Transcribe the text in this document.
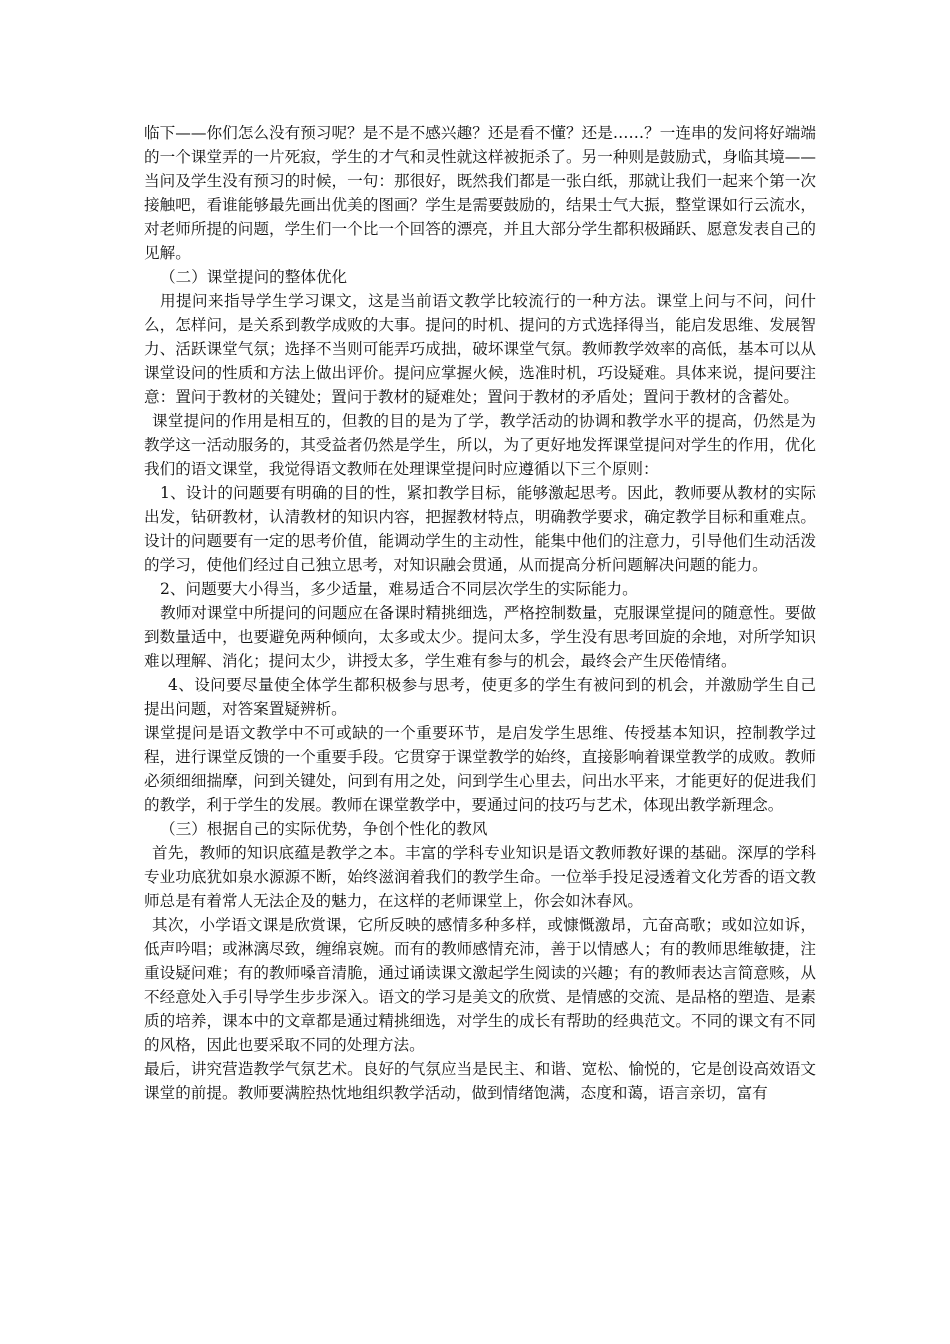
临下——你们怎么没有预习呢？是不是不感兴趣？还是看不懂？还是……？一连串的发问将好端端的一个课堂弄的一片死寂，学生的才气和灵性就这样被扼杀了。另一种则是鼓励式，身临其境——当问及学生没有预习的时候，一句：那很好，既然我们都是一张白纸，那就让我们一起来个第一次接触吧，看谁能够最先画出优美的图画？学生是需要鼓励的，结果士气大振，整堂课如行云流水，对老师所提的问题，学生们一个比一个回答的漂亮，并且大部分学生都积极踊跃、愿意发表自己的见解。

（二）课堂提问的整体优化

用提问来指导学生学习课文，这是当前语文教学比较流行的一种方法。课堂上问与不问，问什么，怎样问，是关系到教学成败的大事。提问的时机、提问的方式选择得当，能启发思维、发展智力、活跃课堂气氛；选择不当则可能弄巧成拙，破坏课堂气氛。教师教学效率的高低，基本可以从课堂设问的性质和方法上做出评价。提问应掌握火候，选准时机，巧设疑难。具体来说，提问要注意：置问于教材的关键处；置问于教材的疑难处；置问于教材的矛盾处；置问于教材的含蓄处。

课堂提问的作用是相互的，但教的目的是为了学，教学活动的协调和教学水平的提高，仍然是为教学这一活动服务的，其受益者仍然是学生，所以，为了更好地发挥课堂提问对学生的作用，优化我们的语文课堂，我觉得语文教师在处理课堂提问时应遵循以下三个原则：

1、设计的问题要有明确的目的性，紧扣教学目标，能够激起思考。因此，教师要从教材的实际出发，钻研教材，认清教材的知识内容，把握教材特点，明确教学要求，确定教学目标和重难点。设计的问题要有一定的思考价值，能调动学生的主动性，能集中他们的注意力，引导他们生动活泼的学习，使他们经过自己独立思考，对知识融会贯通，从而提高分析问题解决问题的能力。

2、问题要大小得当，多少适量，难易适合不同层次学生的实际能力。

教师对课堂中所提问的问题应在备课时精挑细选，严格控制数量，克服课堂提问的随意性。要做到数量适中，也要避免两种倾向，太多或太少。提问太多，学生没有思考回旋的余地，对所学知识难以理解、消化；提问太少，讲授太多，学生难有参与的机会，最终会产生厌倦情绪。

4、设问要尽量使全体学生都积极参与思考，使更多的学生有被问到的机会，并激励学生自己提出问题，对答案置疑辨析。

课堂提问是语文教学中不可或缺的一个重要环节，是启发学生思维、传授基本知识，控制教学过程，进行课堂反馈的一个重要手段。它贯穿于课堂教学的始终，直接影响着课堂教学的成败。教师必须细细揣摩，问到关键处，问到有用之处，问到学生心里去，问出水平来，才能更好的促进我们的教学，利于学生的发展。教师在课堂教学中，要通过问的技巧与艺术，体现出教学新理念。

（三）根据自己的实际优势，争创个性化的教风

首先，教师的知识底蕴是教学之本。丰富的学科专业知识是语文教师教好课的基础。深厚的学科专业功底犹如泉水源源不断，始终滋润着我们的教学生命。一位举手投足浸透着文化芳香的语文教师总是有着常人无法企及的魅力，在这样的老师课堂上，你会如沐春风。

其次，小学语文课是欣赏课，它所反映的感情多种多样，或慷慨激昂，亢奋高歌；或如泣如诉，低声吟唱；或淋漓尽致，缠绵哀婉。而有的教师感情充沛，善于以情感人；有的教师思维敏捷，注重设疑问难；有的教师嗓音清脆，通过诵读课文激起学生阅读的兴趣；有的教师表达言简意赅，从不经意处入手引导学生步步深入。语文的学习是美文的欣赏、是情感的交流、是品格的塑造、是素质的培养，课本中的文章都是通过精挑细选，对学生的成长有帮助的经典范文。不同的课文有不同的风格，因此也要采取不同的处理方法。

最后，讲究营造教学气氛艺术。良好的气氛应当是民主、和谐、宽松、愉悦的，它是创设高效语文课堂的前提。教师要满腔热忱地组织教学活动，做到情绪饱满，态度和蔼，语言亲切，富有
